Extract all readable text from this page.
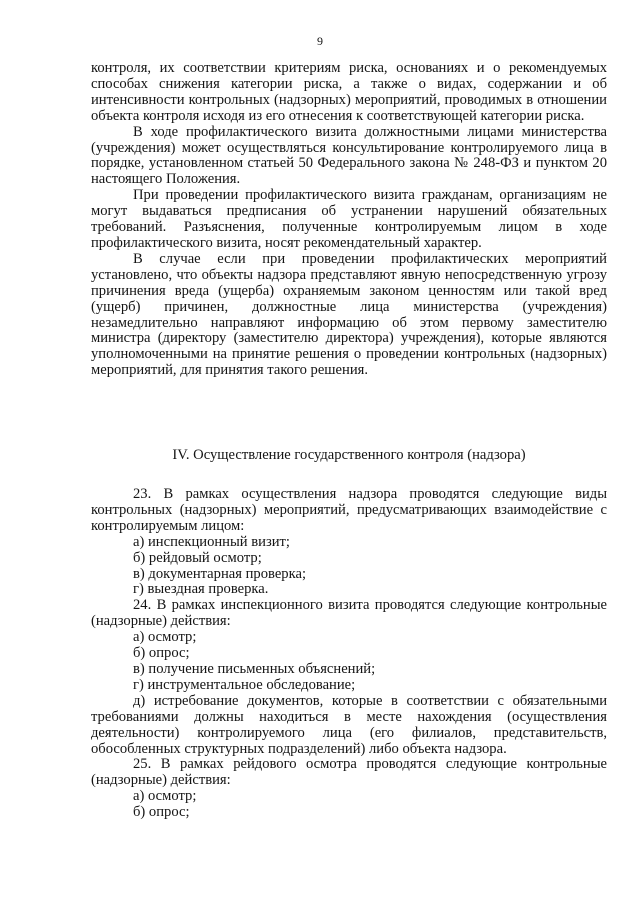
9

контроля, их соответствии критериям риска, основаниях и о рекомендуемых способах снижения категории риска, а также о видах, содержании и об интенсивности контрольных (надзорных) мероприятий, проводимых в отношении объекта контроля исходя из его отнесения к соответствующей категории риска.

В ходе профилактического визита должностными лицами министерства (учреждения) может осуществляться консультирование контролируемого лица в порядке, установленном статьей 50 Федерального закона № 248-ФЗ и пунктом 20 настоящего Положения.

При проведении профилактического визита гражданам, организациям не могут выдаваться предписания об устранении нарушений обязательных требований. Разъяснения, полученные контролируемым лицом в ходе профилактического визита, носят рекомендательный характер.

В случае если при проведении профилактических мероприятий установлено, что объекты надзора представляют явную непосредственную угрозу причинения вреда (ущерба) охраняемым законом ценностям или такой вред (ущерб) причинен, должностные лица министерства (учреждения) незамедлительно направляют информацию об этом первому заместителю министра (директору (заместителю директора) учреждения), которые являются уполномоченными на принятие решения о проведении контрольных (надзорных) мероприятий, для принятия такого решения.

IV. Осуществление государственного контроля (надзора)

23. В рамках осуществления надзора проводятся следующие виды контрольных (надзорных) мероприятий, предусматривающих взаимодействие с контролируемым лицом:

а) инспекционный визит;

б) рейдовый осмотр;

в) документарная проверка;

г) выездная проверка.

24. В рамках инспекционного визита проводятся следующие контрольные (надзорные) действия:

а) осмотр;

б) опрос;

в) получение письменных объяснений;

г) инструментальное обследование;

д) истребование документов, которые в соответствии с обязательными требованиями должны находиться в месте нахождения (осуществления деятельности) контролируемого лица (его филиалов, представительств, обособленных структурных подразделений) либо объекта надзора.

25. В рамках рейдового осмотра проводятся следующие контрольные (надзорные) действия:

а) осмотр;

б) опрос;
